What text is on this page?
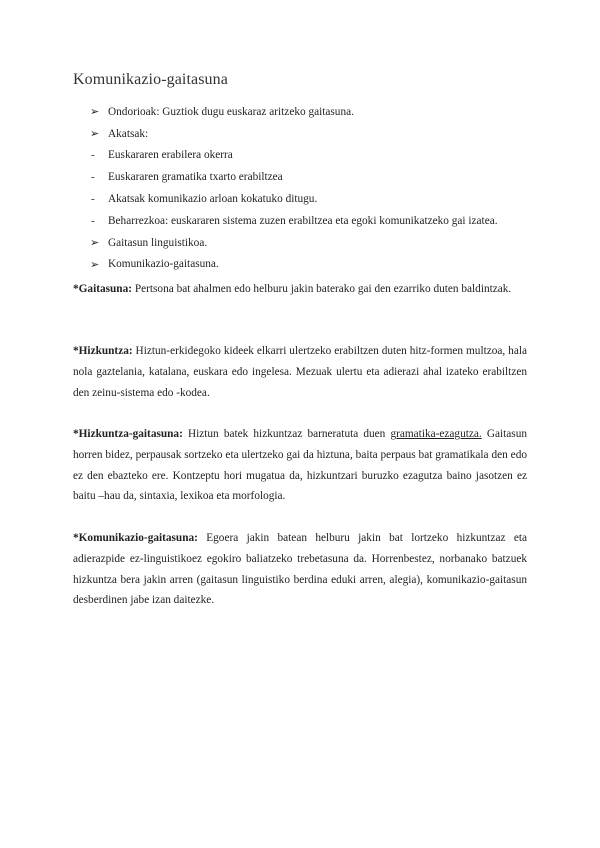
Komunikazio-gaitasuna
➢ Ondorioak: Guztiok dugu euskaraz aritzeko gaitasuna.
➢ Akatsak:
-	Euskararen erabilera okerra
-	Euskararen gramatika txarto erabiltzea
-	Akatsak komunikazio arloan kokatuko ditugu.
-	Beharrezkoa: euskararen sistema zuzen erabiltzea eta egoki komunikatzeko gai izatea.
➢ Gaitasun linguistikoa.
➢ Komunikazio-gaitasuna.

*Gaitasuna: Pertsona bat ahalmen edo helburu jakin baterako gai den ezarriko duten baldintzak.

*Hizkuntza: Hiztun-erkidegoko kideek elkarri ulertzeko erabiltzen duten hitz-formen multzoa, hala nola gaztelania, katalana, euskara edo ingelesa. Mezuak ulertu eta adierazi ahal izateko erabiltzen den zeinu-sistema edo -kodea.

*Hizkuntza-gaitasuna: Hiztun batek hizkuntzaz barneratuta duen gramatika-ezagutza. Gaitasun horren bidez, perpausak sortzeko eta ulertzeko gai da hiztuna, baita perpaus bat gramatikala den edo ez den ebazteko ere. Kontzeptu hori mugatua da, hizkuntzari buruzko ezagutza baino jasotzen ez baitu –hau da, sintaxia, lexikoa eta morfologia.

*Komunikazio-gaitasuna: Egoera jakin batean helburu jakin bat lortzeko hizkuntzaz eta adierazpide ez-linguistikoez egokiro baliatzeko trebetasuna da. Horrenbestez, norbanako batzuek hizkuntza bera jakin arren (gaitasun linguistiko berdina eduki arren, alegia), komunikazio-gaitasun desberdinen jabe izan daitezke.
